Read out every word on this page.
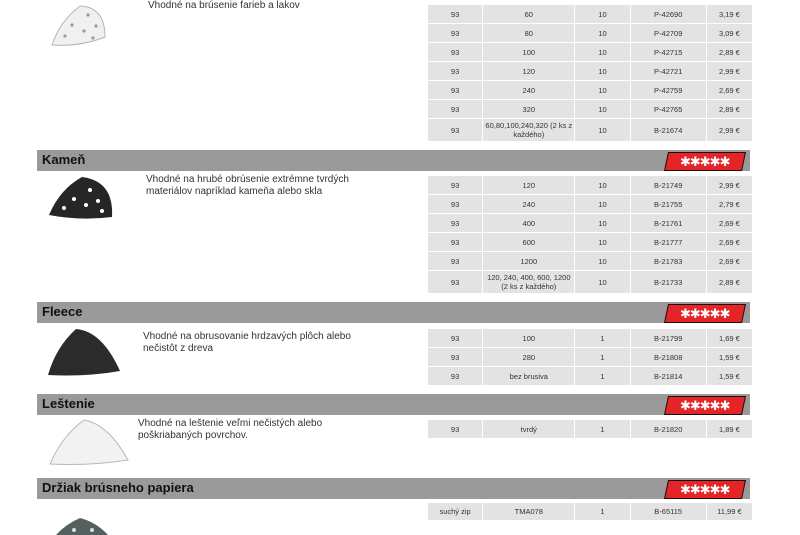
Vhodné na brúsenie farieb a lakov
93	60	10	P-42690	3,19 €
93	80	10	P-42709	3,09 €
93	100	10	P-42715	2,89 €
93	120	10	P-42721	2,99 €
93	240	10	P-42759	2,69 €
93	320	10	P-42765	2,89 €
93	60,80,100,240,320 (2 ks z každého)	10	B-21674	2,99 €
Kameň	✱✱✱✱✱
Vhodné na hrubé obrúsenie extrémne tvrdých materiálov napríklad kameňa alebo skla
93	120	10	B-21749	2,99 €
93	240	10	B-21755	2,79 €
93	400	10	B-21761	2,69 €
93	600	10	B-21777	2,69 €
93	1200	10	B-21783	2,69 €
93	120, 240, 400, 600, 1200 (2 ks z každého)	10	B-21733	2,89 €
Fleece	✱✱✱✱✱
Vhodné na obrusovanie hrdzavých plôch alebo nečistôt z dreva
93	100	1	B-21799	1,69 €
93	280	1	B-21808	1,59 €
93	bez brusiva	1	B-21814	1,59 €
Leštenie	✱✱✱✱✱
Vhodné na leštenie veľmi nečistých alebo poškriabaných povrchov.
93	tvrdý	1	B-21820	1,89 €
Držiak brúsneho papiera	✱✱✱✱✱
suchý zip	TMA078	1	B-65115	11,99 €
